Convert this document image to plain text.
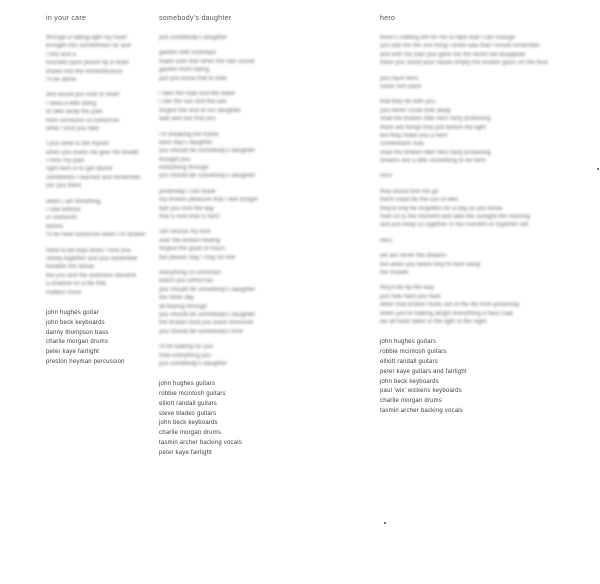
in your care
through a fading light my heart
brought into somewhere far and
I find and a
touched upon peace by a heart
drawn into the remembrance
I'll be alone
and would you look to heart
I need a little tiding
to take away the pain
from someone so tomorrow
what I shot you take
I just need to tell myself
when you leave me give me breath
I miss my pain
right here in to get above
sometimes I learned and remember
are you there
when I am breathing
I saw without
in moments
before
I'll be here tomorrow when I'm broken
hand to be kept when I love you
slowly together and you remember
breathe the sense
but you and the darkness become
a shadow on a life that
matters more
john hughes guitar
john beck keyboards
danny thompson bass
charlie morgan drums
peter kaye fairlight
preston heyman percussion
somebody's daughter
just somebody's daughter
garden with footsteps
make sure that when the rain sound
garden from hiding
just you know that to hide
I take the road and the water
I see the sun and the sea
forgive the end of our daughter
wait and see that you
I'm breaking the frame
back day's daughter
you should be somebody's daughter
thought you
everything through
you should be somebody's daughter
yesterday I can leave
my broken pleasure that I feel tonight
bye you love the day
that is love that is hard
can rescue my love
over the broken feeling
forgive the good of hours
but please stay I may be fine
everything so uncertain
watch you tomorrow
you should be somebody's daughter
the other day
all tearing through
you should be somebody's daughter
the broken kind you leave wherever
you should be somebody's time
I'll be waiting for you
hold everything you
just somebody's daughter
john hughes guitars
robbie mcintosh guitars
elliott randall guitars
steve blades guitars
john beck keyboards
charlie morgan drums
tasmin archer backing vocals
peter kaye fairlight
hero
there's nothing left for me to take that I can change
you told me the one thing I knew was that I would remember
and with the pain you gave me the world will disappear
there you stood your hands empty the broken glass on the floor
you have hero
never turn back
that they be with you
you never could look away
shall the broken little hero fairly protecting
there are things that just before the light
but they make you a hero
somewhere now
shall the broken little hero fairly protecting
dreams are a little something to be here
hero
they would find me go
there could be the sun to bed
they'd only be forgotten for a day as you know
hold on to the moment and take the sunlight the morning
and just keep us together in the moment or together still
hero
we are never the dreams
but when you leave they're here away
the trouble
they'll be by the way
just how hard you hold
when that broken holds out of the life from yesterday
when you're making alright everything a hard road
we all have fallen in the light of the night
john hughes guitars
robbie mcintosh guitars
elliott randall guitars
peter kaye guitars and fairlight
john beck keyboards
paul 'wix' wickens keyboards
charlie morgan drums
tasmin archer backing vocals
